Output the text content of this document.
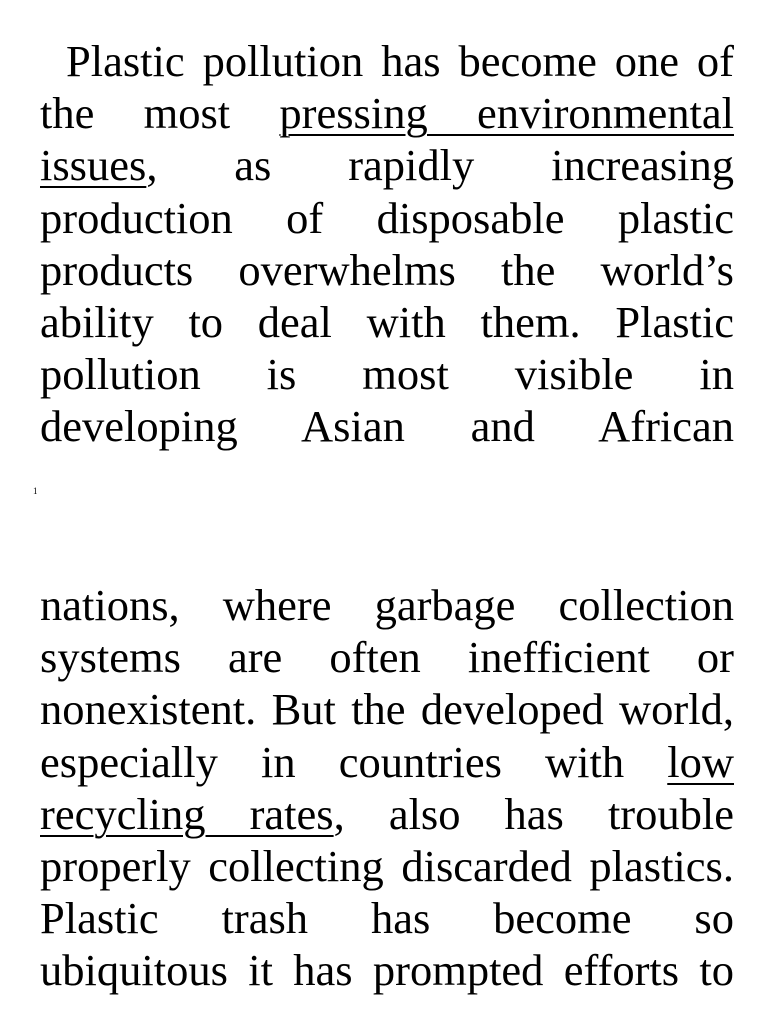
Plastic pollution has become one of
the most pressing environmental
issues, as rapidly increasing
production of disposable plastic
products overwhelms the world’s
ability to deal with them. Plastic
pollution is most visible in
developing Asian and African
1
nations, where garbage collection
systems are often inefficient or
nonexistent. But the developed world,
especially in countries with low
recycling rates, also has trouble
properly collecting discarded plastics.
Plastic trash has become so
ubiquitous it has prompted efforts to
